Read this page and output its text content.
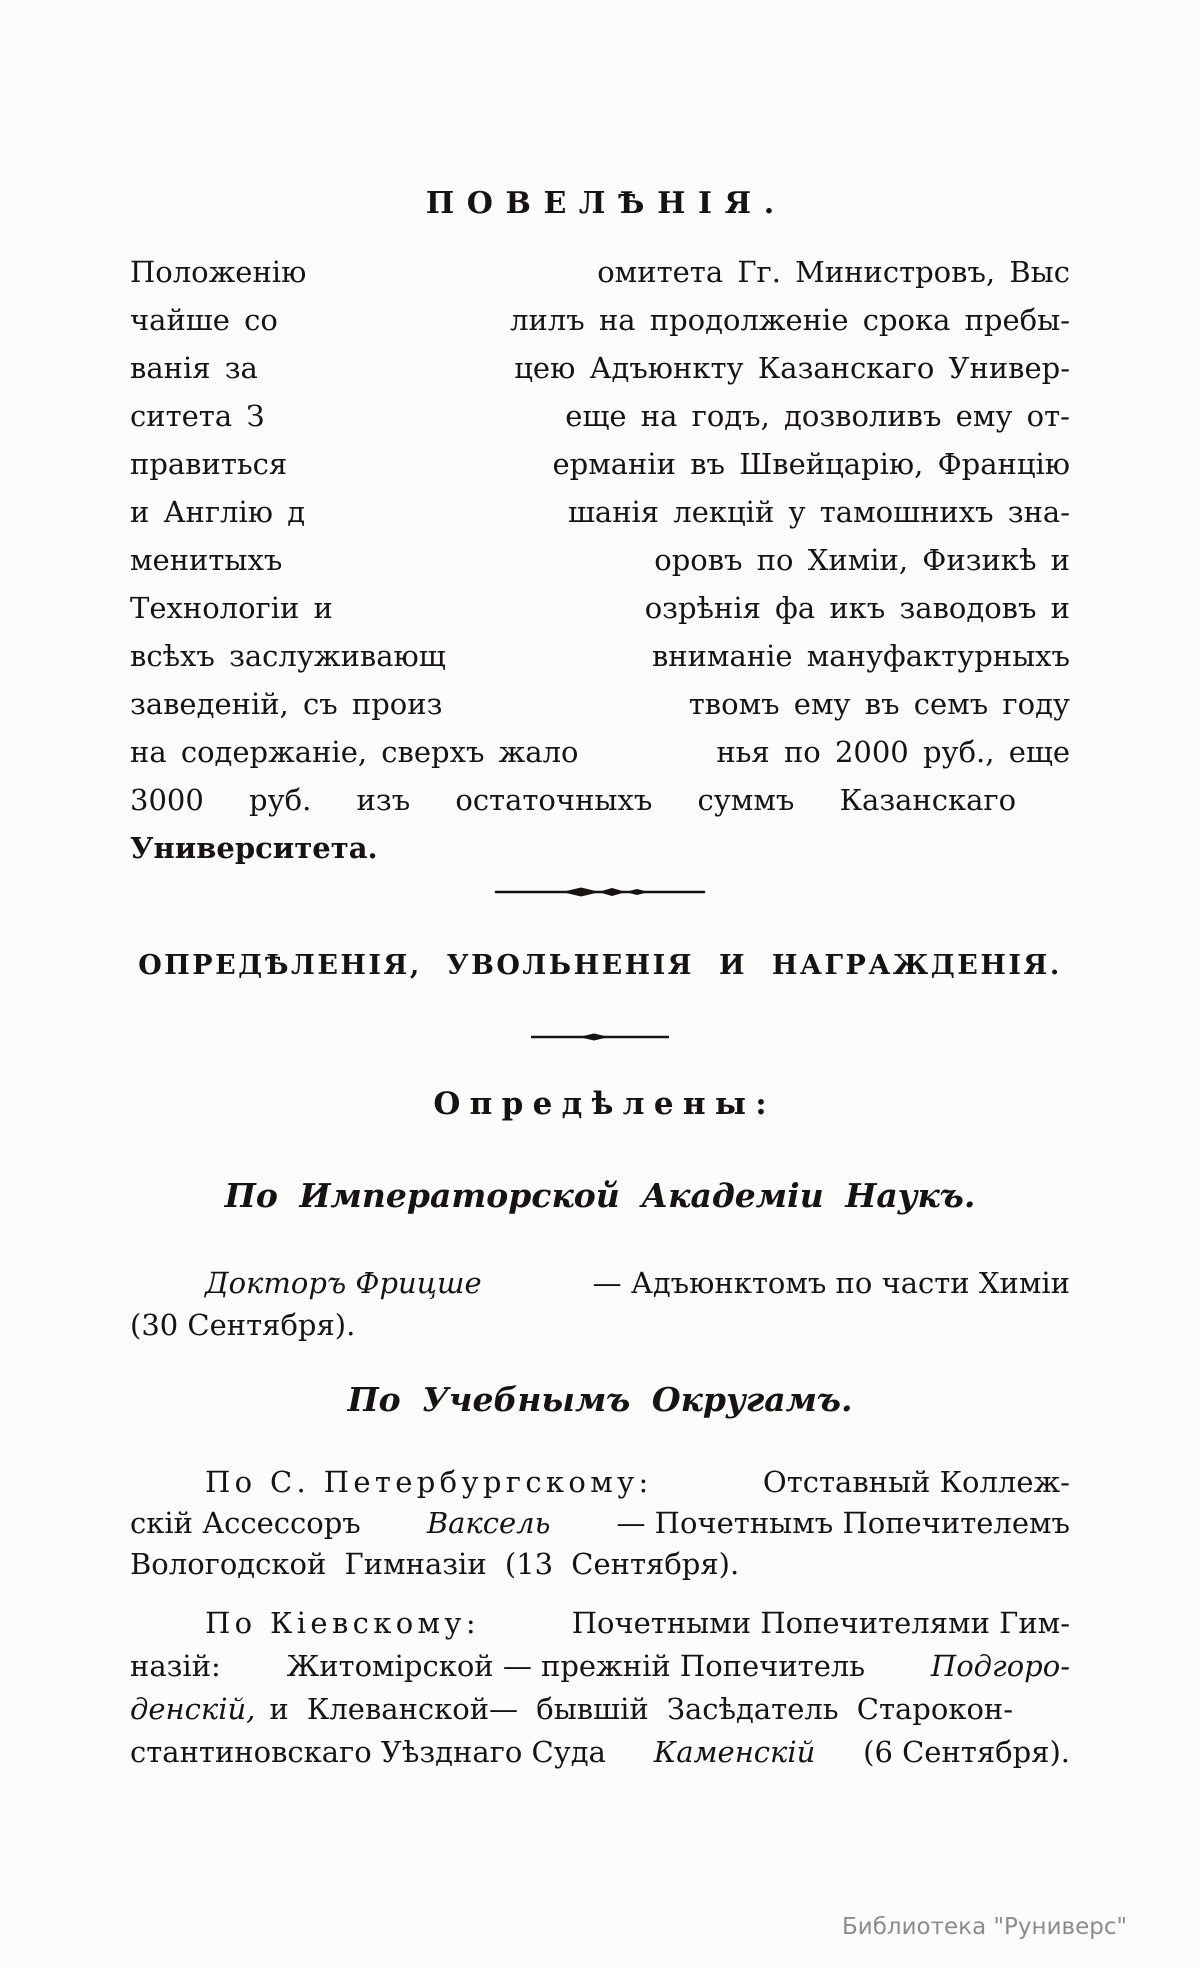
ПОВЕЛѢНІЯ.
Положенію	омитета Гг. Министровъ, Выс
чайше со	лилъ на продолженіе срока пребы-
ванія за	цею Адъюнкту Казанскаго Универ-
ситета З	еще на годъ, дозволивъ ему от-
правиться	ерманіи въ Швейцарію, Францію
и Англію д	шанія лекцій у тамошнихъ зна-
менитыхъ	оровъ по Химіи, Физикѣ и
Технологіи и	озрѣнія фа икъ заводовъ и
всѣхъ заслуживающ	вниманіе мануфактурныхъ
заведеній, съ произ	твомъ ему въ семъ году
на содержаніе, сверхъ жало	нья по 2000 руб., еще
3000 руб. изъ остаточныхъ суммъ Казанскаго
Университета.
ОПРЕДѢЛЕНІЯ, УВОЛЬНЕНІЯ И НАГРАЖДЕНІЯ.
Опредѣлены:
По Императорской Академіи Наукъ.
Докторъ Фрицше	— Адъюнктомъ по части Химіи
(30 Сентября).
По Учебнымъ Округамъ.
По С. Петербургскому:	Отставный Коллеж-
скій Ассессоръ Ваксель — Почетнымъ Попечителемъ
Вологодской Гимназіи (13 Сентября).
По Кіевскому:	Почетными Попечителями Гим-
назій: Житомірской — прежній Попечитель Подгоро-
денскій, и Клеванской— бывшій Засѣдатель Старокон-
стантиновскаго Уѣзднаго Суда Каменскій (6 Сентября).
Библиотека "Руниверс"
